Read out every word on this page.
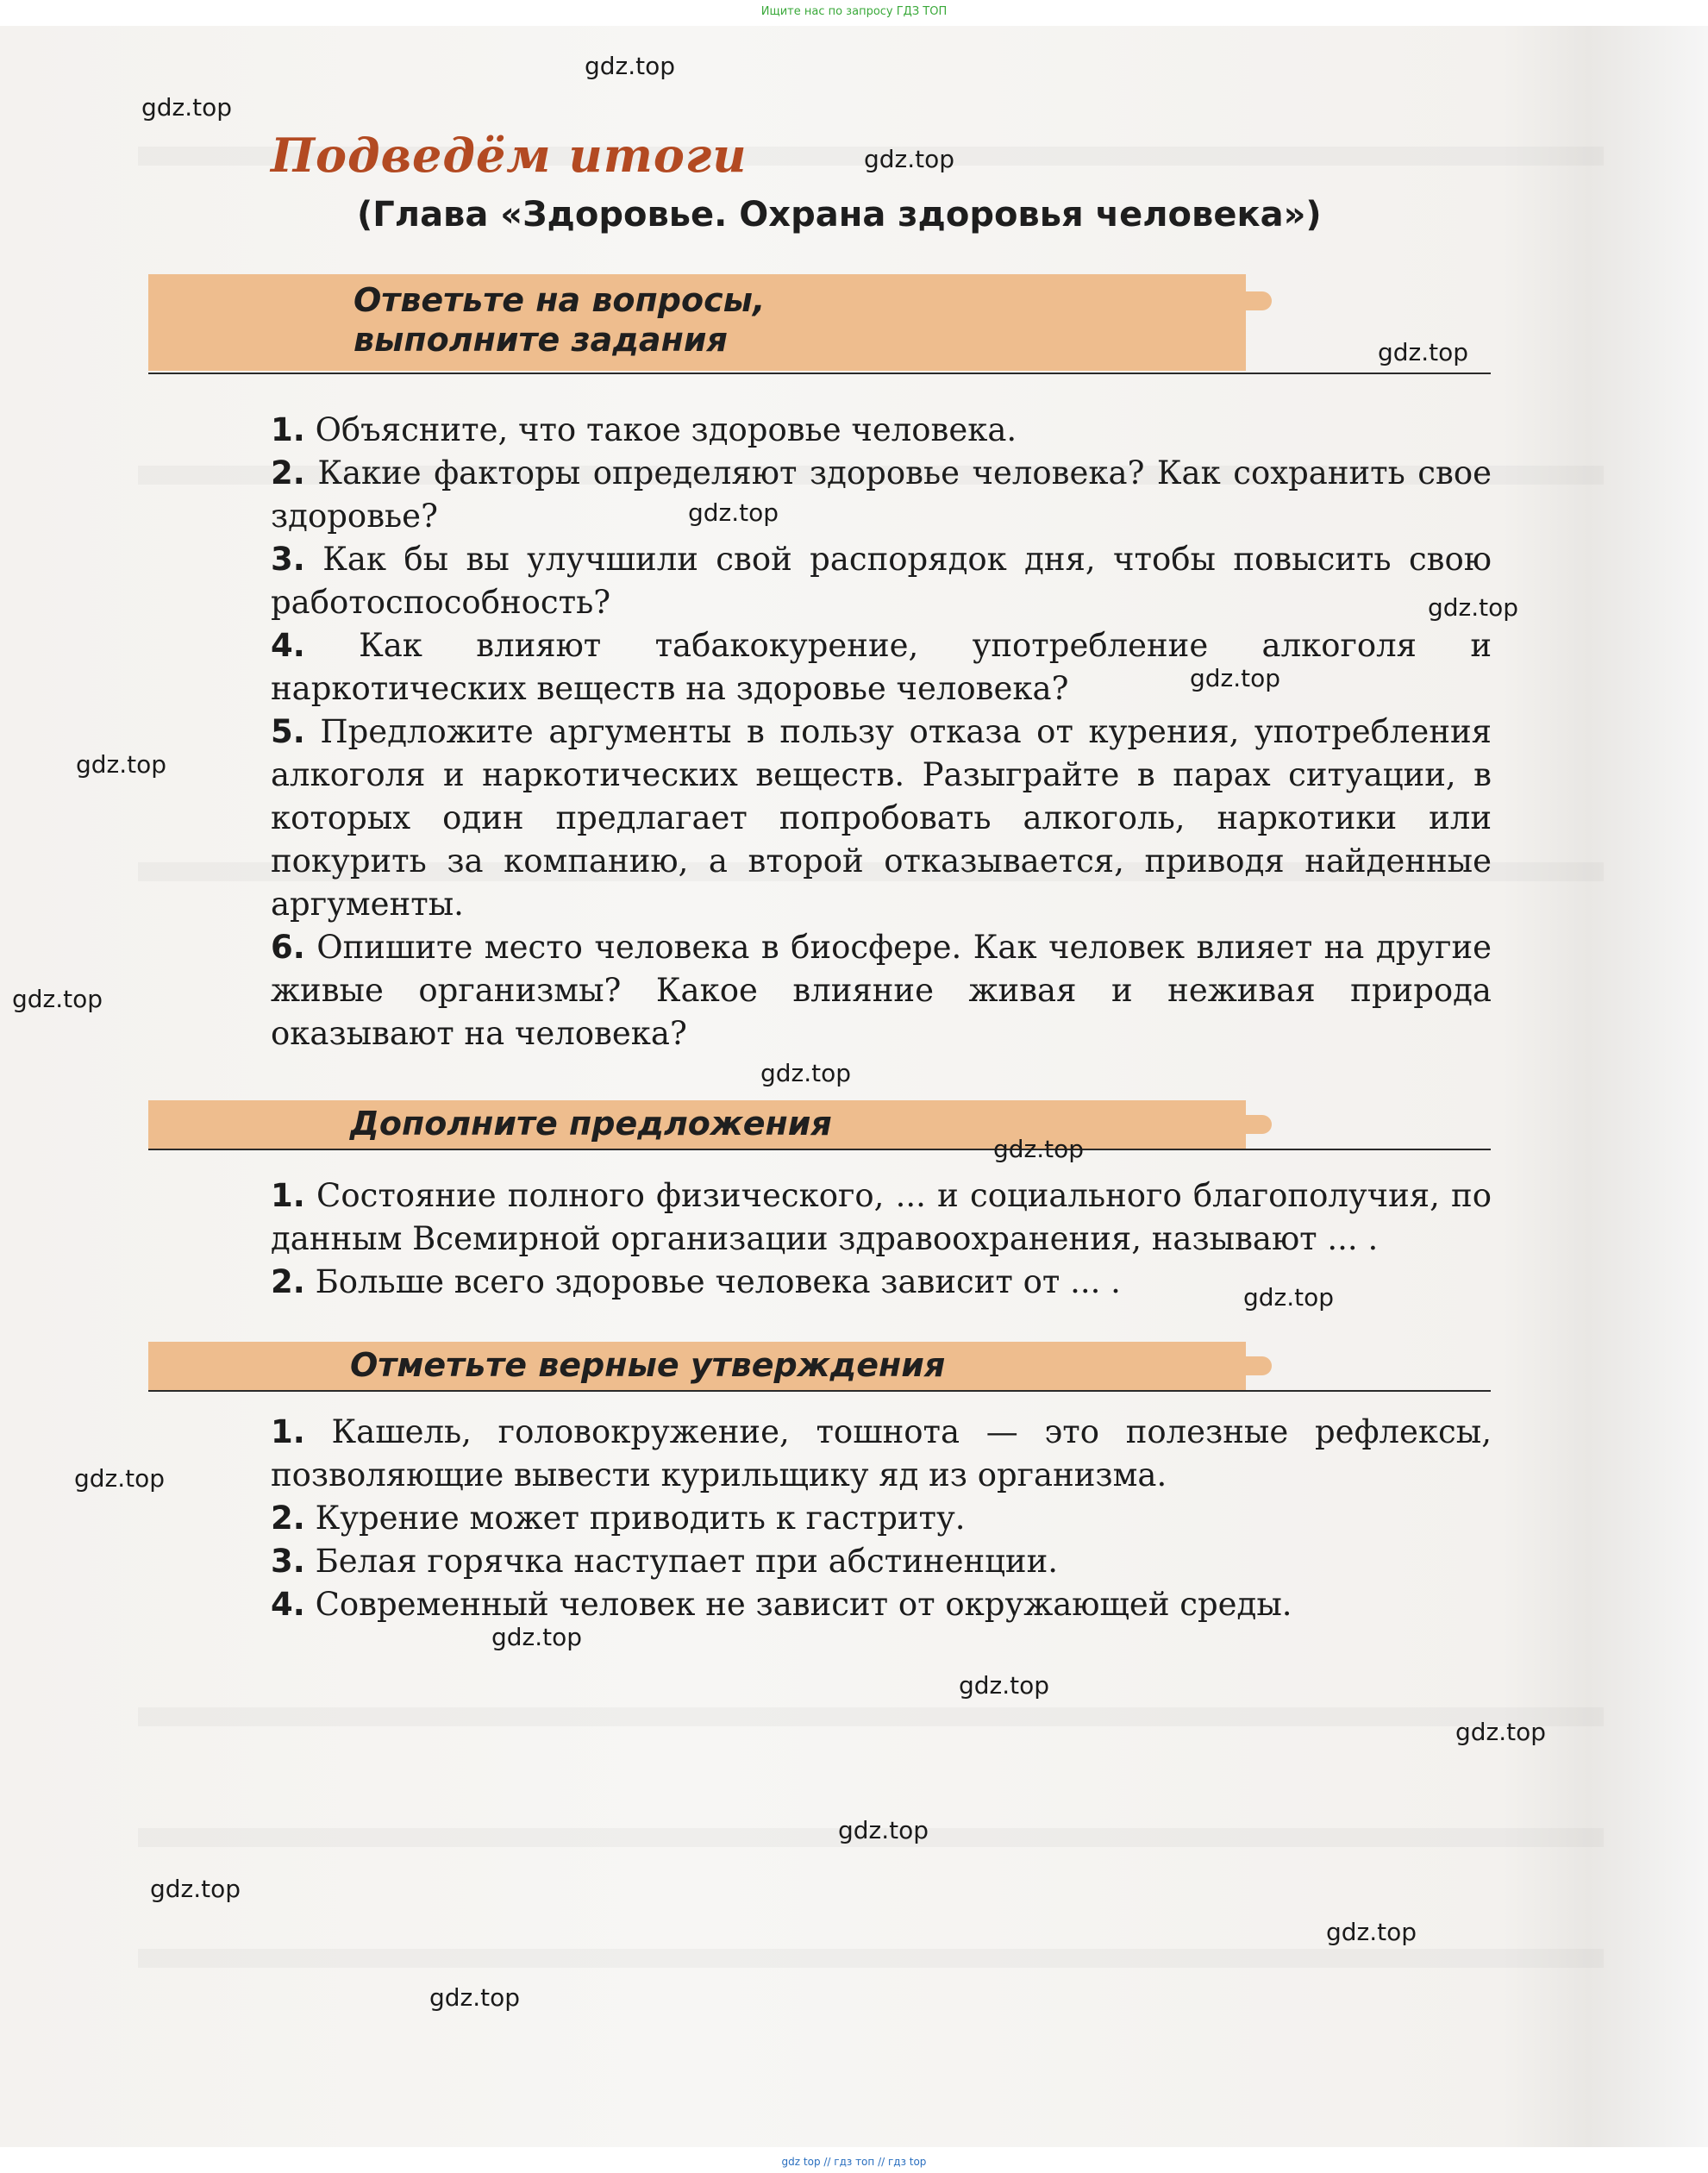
Ищите нас по запросу ГДЗ ТОП
Подведём итоги
(Глава «Здоровье. Охрана здоровья человека»)
Ответьте на вопросы,
выполните задания

1. Объясните, что такое здоровье человека.

2. Какие факторы определяют здоровье человека? Как сохранить свое здоровье?

3. Как бы вы улучшили свой распорядок дня, чтобы повысить свою работоспособность?

4. Как влияют табакокурение, употребление алкоголя и наркотических веществ на здоровье человека?

5. Предложите аргументы в пользу отказа от курения, употребления алкоголя и наркотических веществ. Разыграйте в парах ситуации, в которых один предлагает попробовать алкоголь, наркотики или покурить за компанию, а второй отказывается, приводя найденные аргументы.

6. Опишите место человека в биосфере. Как человек влияет на другие живые организмы? Какое влияние живая и неживая природа оказывают на человека?

Дополните предложения

1. Состояние полного физического, ... и социального благополучия, по данным Всемирной организации здравоохранения, называют ... .

2. Больше всего здоровье человека зависит от ... .

Отметьте верные утверждения

1. Кашель, головокружение, тошнота — это полезные рефлексы, позволяющие вывести курильщику яд из организма.

2. Курение может приводить к гастриту.

3. Белая горячка наступает при абстиненции.

4. Современный человек не зависит от окружающей среды.

gdz.top
gdz.top
gdz.top
gdz.top
gdz.top
gdz.top
gdz.top
gdz.top
gdz.top
gdz.top
gdz.top
gdz.top
gdz.top
gdz.top
gdz.top
gdz.top
gdz.top
gdz.top
gdz.top
gdz.top
gdz top // гдз топ // гдз top
